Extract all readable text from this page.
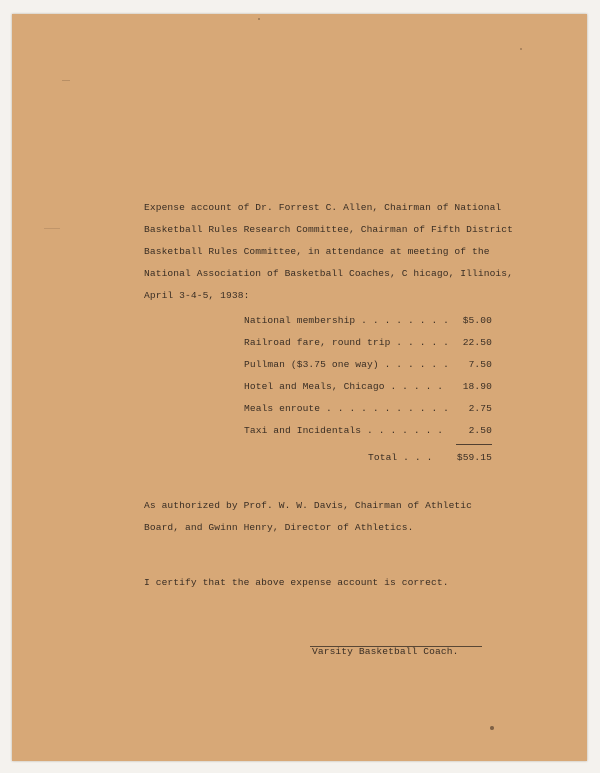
Expense account of Dr. Forrest C. Allen, Chairman of National
Basketball Rules Research Committee, Chairman of Fifth District
Basketball Rules Committee, in attendance at meeting of the
National Association of Basketball Coaches, C hicago, Illinois,
April 3-4-5, 1938:
National membership . . . . . . . . $5.00
Railroad fare, round trip . . . . . 22.50
Pullman ($3.75 one way) . . . . . . 7.50
Hotel and Meals, Chicago . . . . . 18.90
Meals enroute . . . . . . . . . . . 2.75
Taxi and Incidentals . . . . . . .	2.50
Total . . .	$59.15
As authorized by Prof. W. W. Davis, Chairman of Athletic
Board, and Gwinn Henry, Director of Athletics.
I certify that the above expense account is correct.
Varsity Basketball Coach.
